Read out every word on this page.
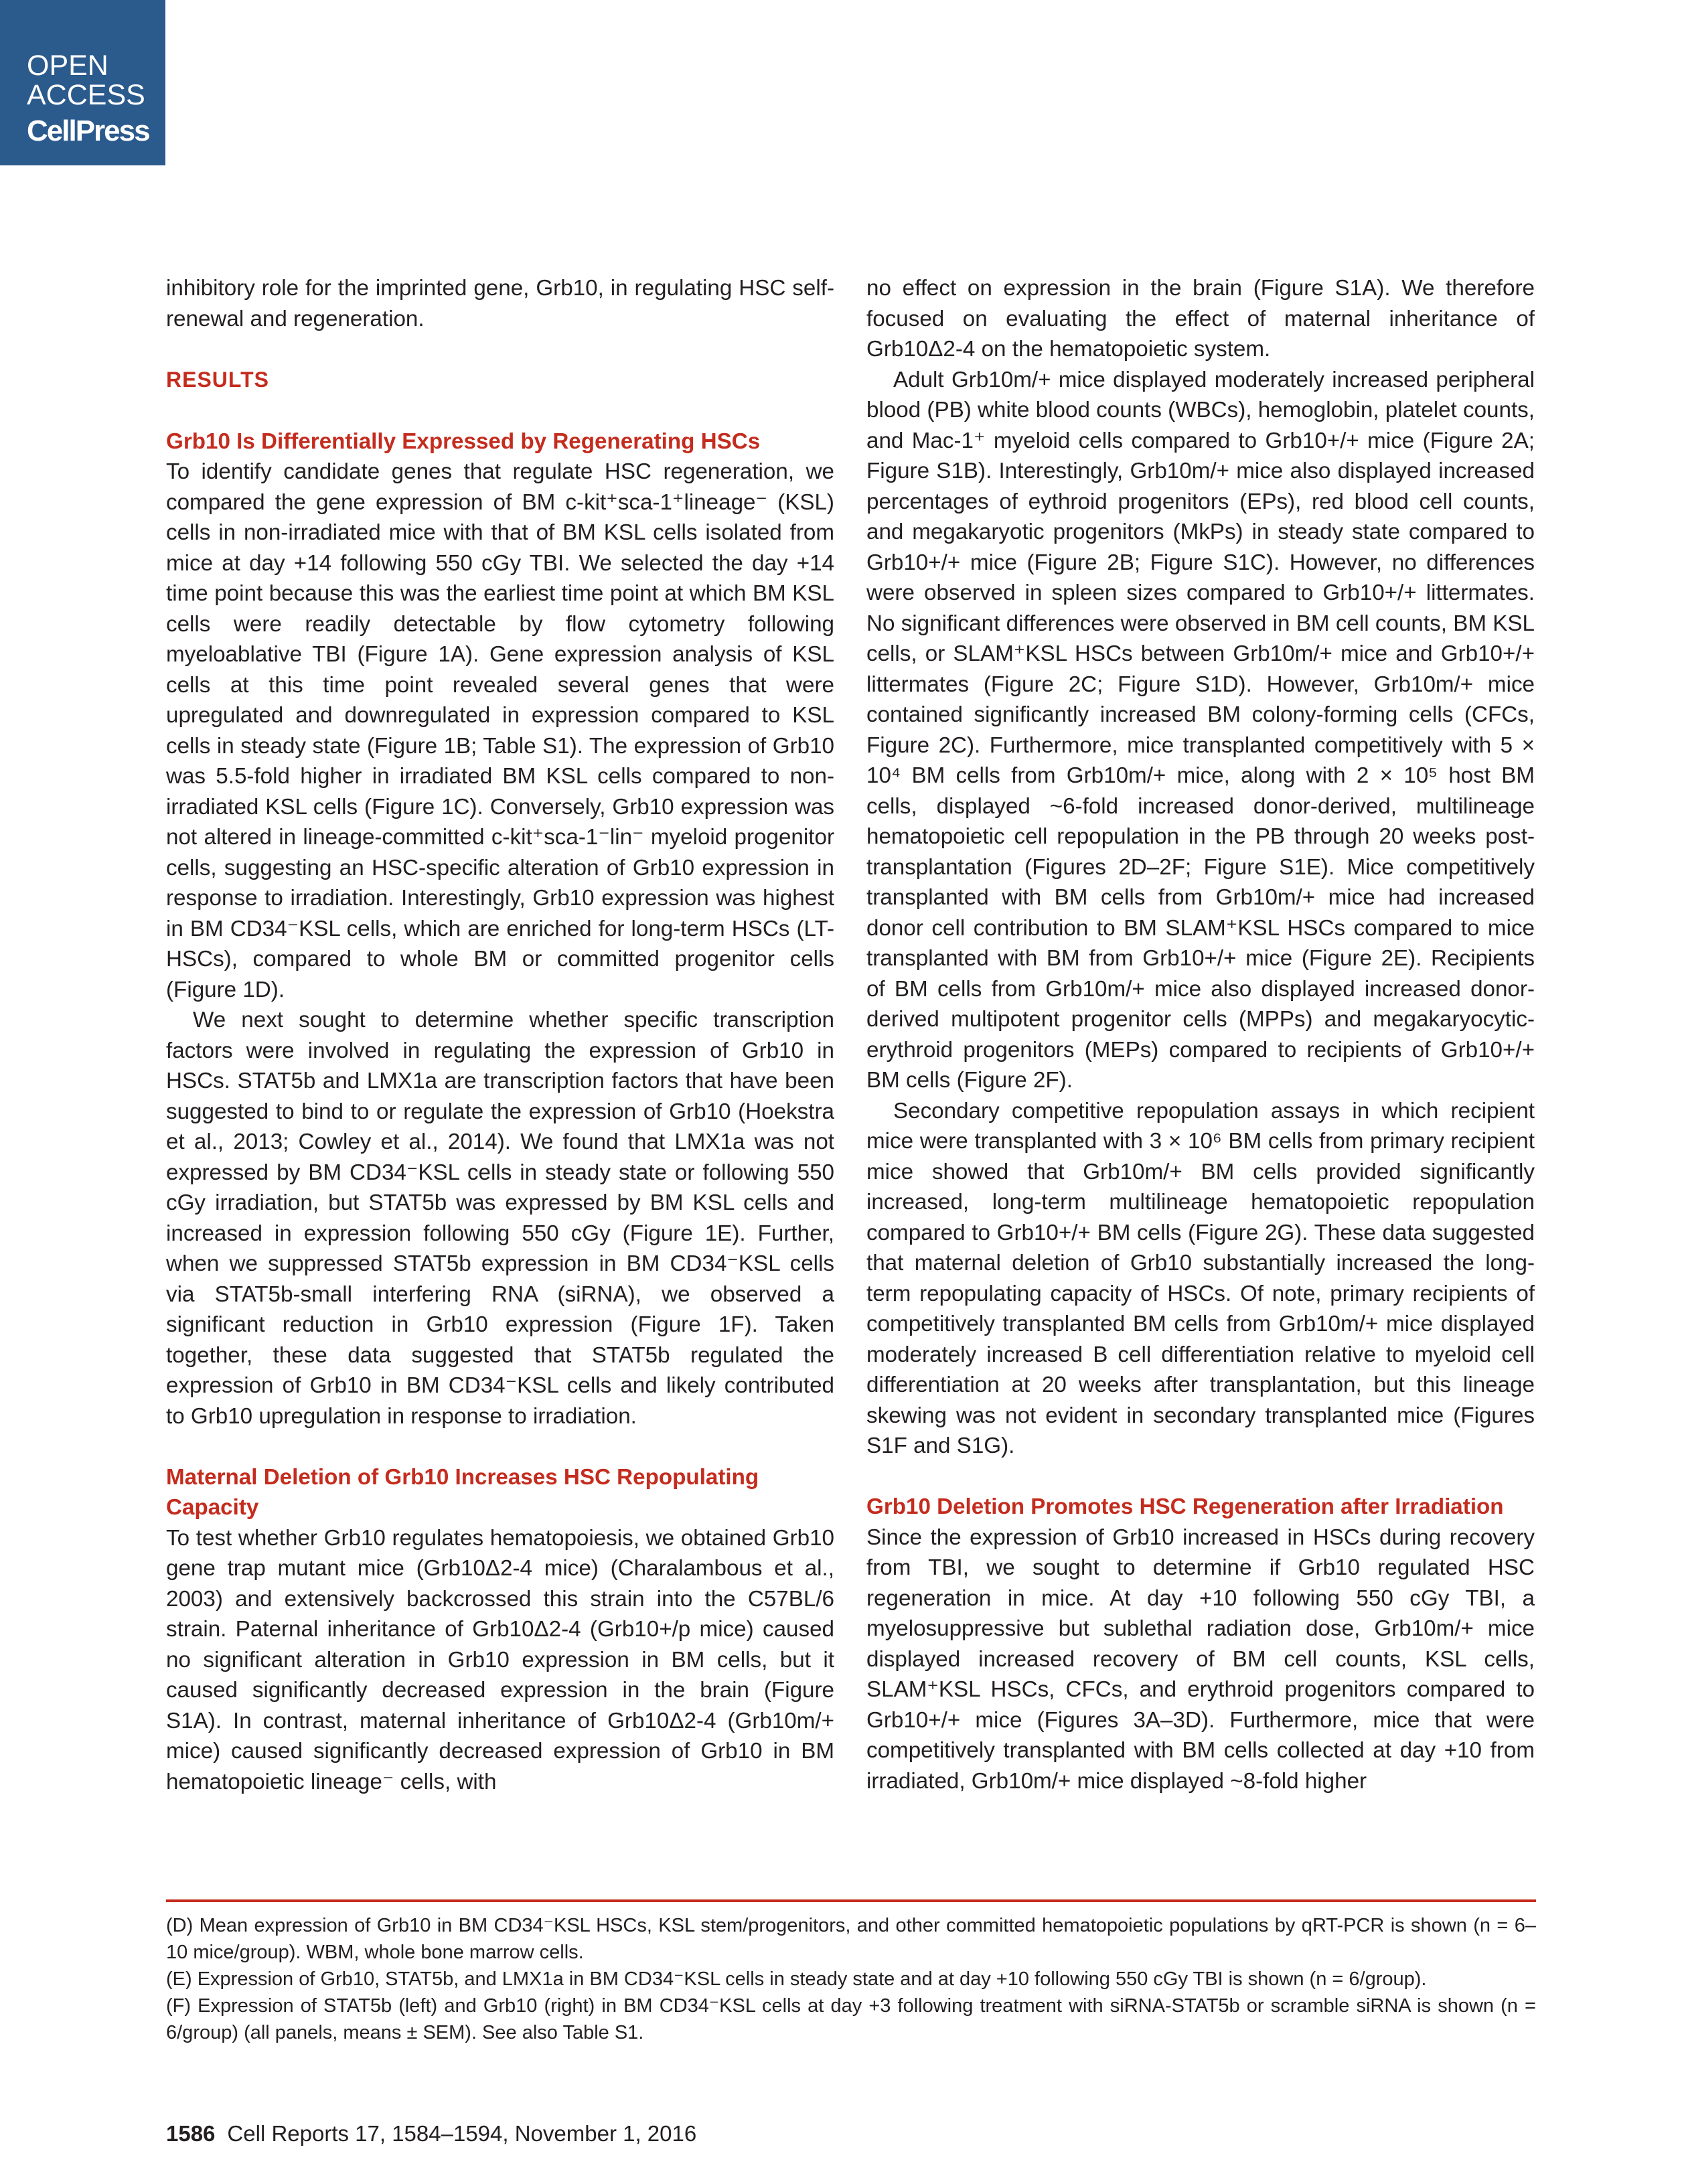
OPEN
ACCESS
CellPress

inhibitory role for the imprinted gene, Grb10, in regulating HSC self-renewal and regeneration.

RESULTS

Grb10 Is Differentially Expressed by Regenerating HSCs

To identify candidate genes that regulate HSC regeneration, we compared the gene expression of BM c-kit⁺sca-1⁺lineage⁻ (KSL) cells in non-irradiated mice with that of BM KSL cells isolated from mice at day +14 following 550 cGy TBI. We selected the day +14 time point because this was the earliest time point at which BM KSL cells were readily detectable by flow cytometry following myeloablative TBI (Figure 1A). Gene expression analysis of KSL cells at this time point revealed several genes that were upregulated and downregulated in expression compared to KSL cells in steady state (Figure 1B; Table S1). The expression of Grb10 was 5.5-fold higher in irradiated BM KSL cells compared to non-irradiated KSL cells (Figure 1C). Conversely, Grb10 expression was not altered in lineage-committed c-kit⁺sca-1⁻lin⁻ myeloid progenitor cells, suggesting an HSC-specific alteration of Grb10 expression in response to irradiation. Interestingly, Grb10 expression was highest in BM CD34⁻KSL cells, which are enriched for long-term HSCs (LT-HSCs), compared to whole BM or committed progenitor cells (Figure 1D).

We next sought to determine whether specific transcription factors were involved in regulating the expression of Grb10 in HSCs. STAT5b and LMX1a are transcription factors that have been suggested to bind to or regulate the expression of Grb10 (Hoekstra et al., 2013; Cowley et al., 2014). We found that LMX1a was not expressed by BM CD34⁻KSL cells in steady state or following 550 cGy irradiation, but STAT5b was expressed by BM KSL cells and increased in expression following 550 cGy (Figure 1E). Further, when we suppressed STAT5b expression in BM CD34⁻KSL cells via STAT5b-small interfering RNA (siRNA), we observed a significant reduction in Grb10 expression (Figure 1F). Taken together, these data suggested that STAT5b regulated the expression of Grb10 in BM CD34⁻KSL cells and likely contributed to Grb10 upregulation in response to irradiation.

Maternal Deletion of Grb10 Increases HSC Repopulating Capacity

To test whether Grb10 regulates hematopoiesis, we obtained Grb10 gene trap mutant mice (Grb10Δ2-4 mice) (Charalambous et al., 2003) and extensively backcrossed this strain into the C57BL/6 strain. Paternal inheritance of Grb10Δ2-4 (Grb10+/p mice) caused no significant alteration in Grb10 expression in BM cells, but it caused significantly decreased expression in the brain (Figure S1A). In contrast, maternal inheritance of Grb10Δ2-4 (Grb10m/+ mice) caused significantly decreased expression of Grb10 in BM hematopoietic lineage⁻ cells, with

no effect on expression in the brain (Figure S1A). We therefore focused on evaluating the effect of maternal inheritance of Grb10Δ2-4 on the hematopoietic system.

Adult Grb10m/+ mice displayed moderately increased peripheral blood (PB) white blood counts (WBCs), hemoglobin, platelet counts, and Mac-1⁺ myeloid cells compared to Grb10+/+ mice (Figure 2A; Figure S1B). Interestingly, Grb10m/+ mice also displayed increased percentages of eythroid progenitors (EPs), red blood cell counts, and megakaryotic progenitors (MkPs) in steady state compared to Grb10+/+ mice (Figure 2B; Figure S1C). However, no differences were observed in spleen sizes compared to Grb10+/+ littermates. No significant differences were observed in BM cell counts, BM KSL cells, or SLAM⁺KSL HSCs between Grb10m/+ mice and Grb10+/+ littermates (Figure 2C; Figure S1D). However, Grb10m/+ mice contained significantly increased BM colony-forming cells (CFCs, Figure 2C). Furthermore, mice transplanted competitively with 5 × 10⁴ BM cells from Grb10m/+ mice, along with 2 × 10⁵ host BM cells, displayed ~6-fold increased donor-derived, multilineage hematopoietic cell repopulation in the PB through 20 weeks post-transplantation (Figures 2D–2F; Figure S1E). Mice competitively transplanted with BM cells from Grb10m/+ mice had increased donor cell contribution to BM SLAM⁺KSL HSCs compared to mice transplanted with BM from Grb10+/+ mice (Figure 2E). Recipients of BM cells from Grb10m/+ mice also displayed increased donor-derived multipotent progenitor cells (MPPs) and megakaryocytic-erythroid progenitors (MEPs) compared to recipients of Grb10+/+ BM cells (Figure 2F).

Secondary competitive repopulation assays in which recipient mice were transplanted with 3 × 10⁶ BM cells from primary recipient mice showed that Grb10m/+ BM cells provided significantly increased, long-term multilineage hematopoietic repopulation compared to Grb10+/+ BM cells (Figure 2G). These data suggested that maternal deletion of Grb10 substantially increased the long-term repopulating capacity of HSCs. Of note, primary recipients of competitively transplanted BM cells from Grb10m/+ mice displayed moderately increased B cell differentiation relative to myeloid cell differentiation at 20 weeks after transplantation, but this lineage skewing was not evident in secondary transplanted mice (Figures S1F and S1G).

Grb10 Deletion Promotes HSC Regeneration after Irradiation

Since the expression of Grb10 increased in HSCs during recovery from TBI, we sought to determine if Grb10 regulated HSC regeneration in mice. At day +10 following 550 cGy TBI, a myelosuppressive but sublethal radiation dose, Grb10m/+ mice displayed increased recovery of BM cell counts, KSL cells, SLAM⁺KSL HSCs, CFCs, and erythroid progenitors compared to Grb10+/+ mice (Figures 3A–3D). Furthermore, mice that were competitively transplanted with BM cells collected at day +10 from irradiated, Grb10m/+ mice displayed ~8-fold higher

(D) Mean expression of Grb10 in BM CD34⁻KSL HSCs, KSL stem/progenitors, and other committed hematopoietic populations by qRT-PCR is shown (n = 6–10 mice/group). WBM, whole bone marrow cells.

(E) Expression of Grb10, STAT5b, and LMX1a in BM CD34⁻KSL cells in steady state and at day +10 following 550 cGy TBI is shown (n = 6/group).

(F) Expression of STAT5b (left) and Grb10 (right) in BM CD34⁻KSL cells at day +3 following treatment with siRNA-STAT5b or scramble siRNA is shown (n = 6/group) (all panels, means ± SEM). See also Table S1.

1586 Cell Reports 17, 1584–1594, November 1, 2016
